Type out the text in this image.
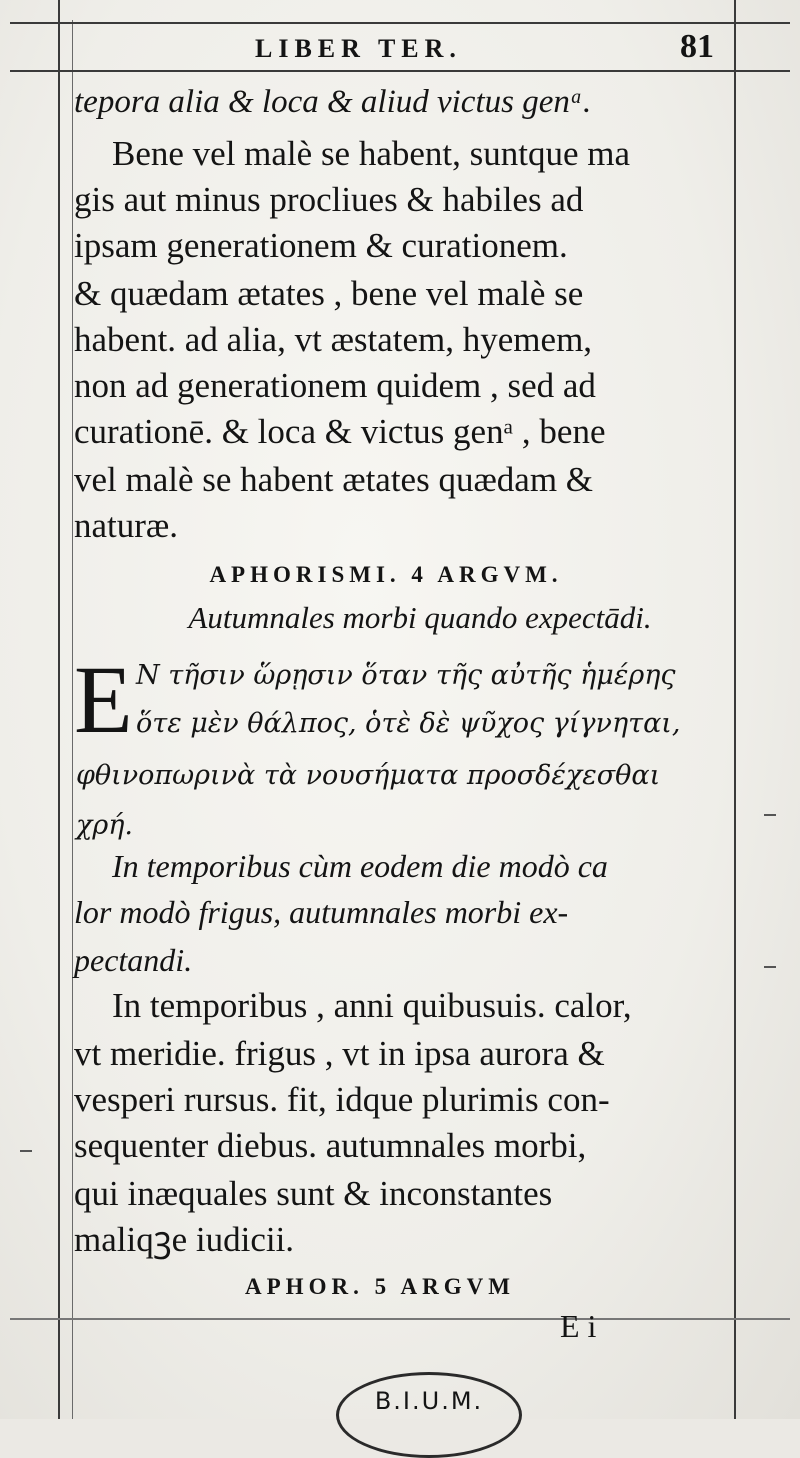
LIBER TER.	81
tepora alia & loca & aliud victus genᵃ.
Bene vel malè se habent, suntque ma
gis aut minus procliues & habiles ad
ipsam generationem & curationem.
& quædam ætates , bene vel malè se
habent. ad alia, vt æstatem, hyemem,
non ad generationem quidem , sed ad
curationē. & loca & victus genᵃ , bene
vel malè se habent ætates quædam &
naturæ.
APHORISMI. 4 ARGVM.
Autumnales morbi quando expectādi.
E N τῆσιν ὥρῃσιν ὅταν τῆς αὐτῆς ἡμέρης
ὅτε μὲν θάλπος, ὁτὲ δὲ ψῦχος γίγνηται,
φθινοπωρινὰ τὰ νουσήματα προσδέχεσθαι
χρή.
In temporibus cùm eodem die modò ca
lor modò frigus, autumnales morbi ex-
pectandi.
In temporibus , anni quibusuis. calor,
vt meridie. frigus , vt in ipsa aurora &
vesperi rursus. fit, idque plurimis con-
sequenter diebus. autumnales morbi,
qui inæquales sunt & inconstantes
maliqꝫe iudicii.
APHOR. 5 ARGVM
E i
B.I.U.M.
